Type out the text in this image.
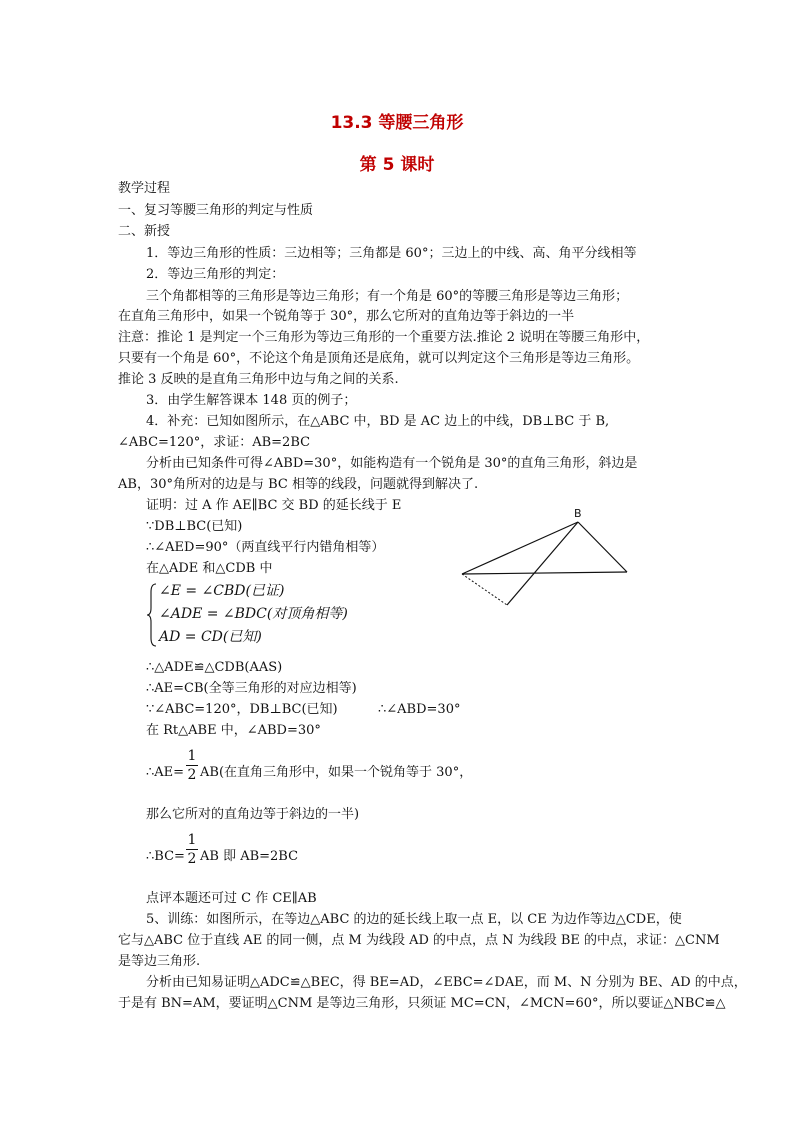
13.3 等腰三角形
第 5 课时

教学过程

一、复习等腰三角形的判定与性质

二、新授

1．等边三角形的性质：三边相等；三角都是 60°；三边上的中线、高、角平分线相等

2．等边三角形的判定：

三个角都相等的三角形是等边三角形；有一个角是 60°的等腰三角形是等边三角形；

在直角三角形中，如果一个锐角等于 30°，那么它所对的直角边等于斜边的一半

注意：推论 1 是判定一个三角形为等边三角形的一个重要方法.推论 2 说明在等腰三角形中，

只要有一个角是 60°，不论这个角是顶角还是底角，就可以判定这个三角形是等边三角形。

推论 3 反映的是直角三角形中边与角之间的关系.

3．由学生解答课本 148 页的例子；

4．补充：已知如图所示，在△ABC 中，BD 是 AC 边上的中线，DB⊥BC 于 B,

∠ABC=120°，求证：AB=2BC

分析由已知条件可得∠ABD=30°，如能构造有一个锐角是 30°的直角三角形，斜边是

AB，30°角所对的边是与 BC 相等的线段，问题就得到解决了.

证明：过 A 作 AE∥BC 交 BD 的延长线于 E

∵DB⊥BC(已知)

∴∠AED=90°（两直线平行内错角相等）

在△ADE 和△CDB 中

∠E = ∠CBD(已证)
∠ADE = ∠BDC(对顶角相等)
AD = CD(已知)

∴△ADE≌△CDB(AAS)

∴AE=CB(全等三角形的对应边相等)

∵∠ABC=120°，DB⊥BC(已知)	∴∠ABD=30°

在 Rt△ABE 中，∠ABD=30°

∴AE=

1
2 AB(在直角三角形中，如果一个锐角等于 30°，

那么它所对的直角边等于斜边的一半)

∴BC=

1
2 AB 即 AB=2BC

点评本题还可过 C 作 CE∥AB

5、训练：如图所示，在等边△ABC 的边的延长线上取一点 E，以 CE 为边作等边△CDE，使

它与△ABC 位于直线 AE 的同一侧，点 M 为线段 AD 的中点，点 N 为线段 BE 的中点，求证：△CNM

是等边三角形.

分析由已知易证明△ADC≌△BEC，得 BE=AD，∠EBC=∠DAE，而 M、N 分别为 BE、AD 的中点，

于是有 BN=AM，要证明△CNM 是等边三角形，只须证 MC=CN，∠MCN=60°，所以要证△NBC≌△

B
